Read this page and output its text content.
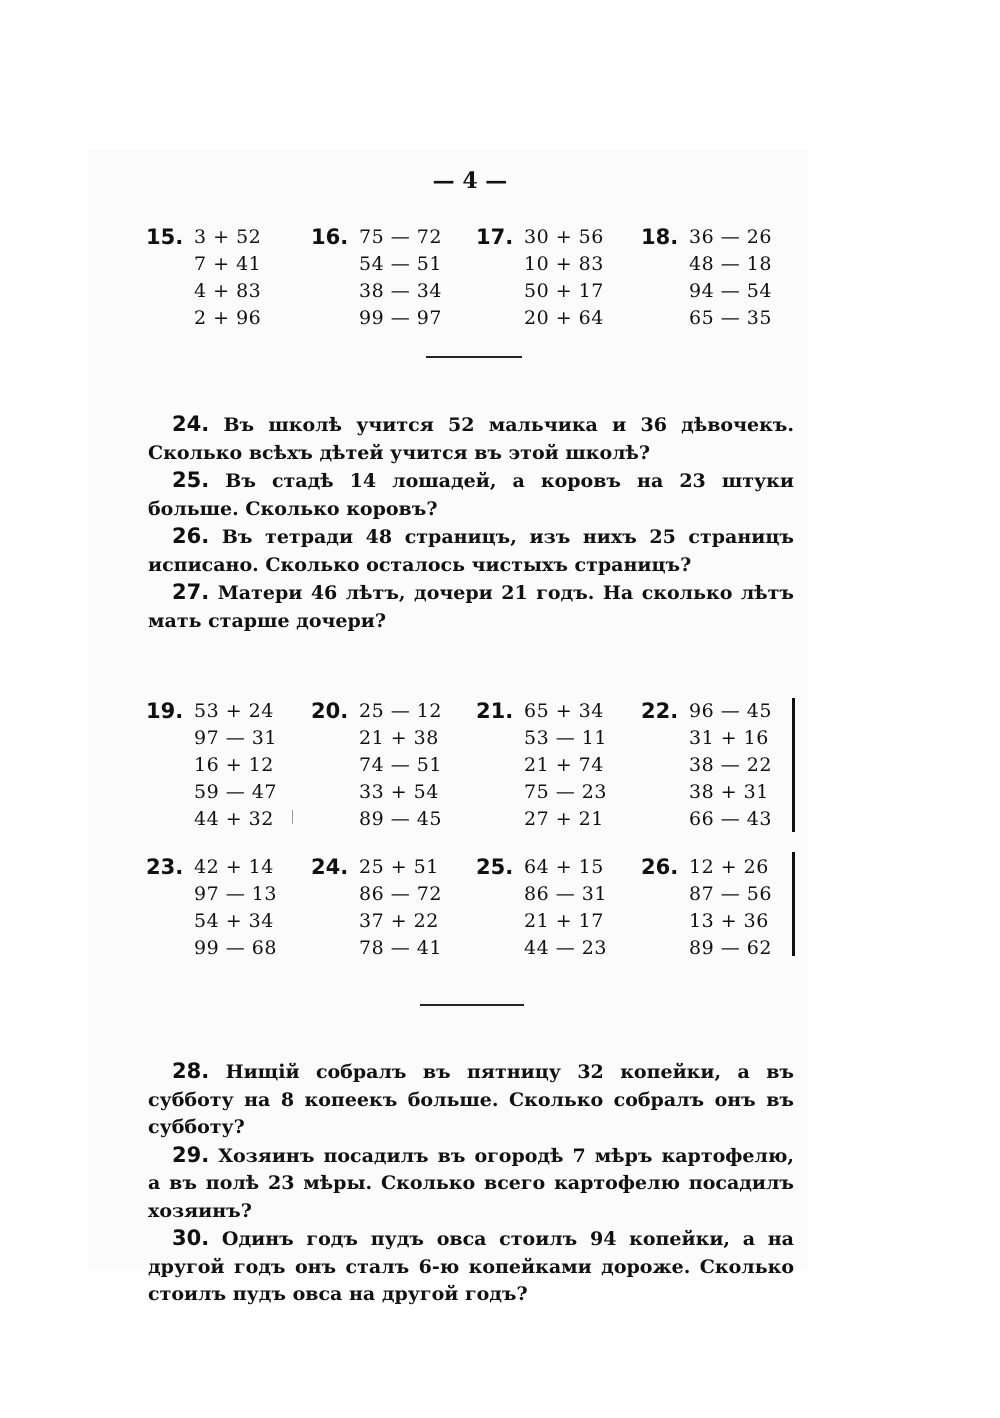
— 4 —
15. 3 + 52
7 + 41
4 + 83
2 + 96
16. 75 — 72
54 — 51
38 — 34
99 — 97
17. 30 + 56
10 + 83
50 + 17
20 + 64
18. 36 — 26
48 — 18
94 — 54
65 — 35

24. Въ школѣ учится 52 мальчика и 36 дѣвочекъ. Сколько всѣхъ дѣтей учится въ этой школѣ?

25. Въ стадѣ 14 лошадей, а коровъ на 23 штуки больше. Сколько коровъ?

26. Въ тетради 48 страницъ, изъ нихъ 25 страницъ исписано. Сколько осталось чистыхъ страницъ?

27. Матери 46 лѣтъ, дочери 21 годъ. На сколько лѣтъ мать старше дочери?

19. 53 + 24
97 — 31
16 + 12
59 — 47
44 + 32
20. 25 — 12
21 + 38
74 — 51
33 + 54
89 — 45
21. 65 + 34
53 — 11
21 + 74
75 — 23
27 + 21
22. 96 — 45
31 + 16
38 — 22
38 + 31
66 — 43
23. 42 + 14
97 — 13
54 + 34
99 — 68
24. 25 + 51
86 — 72
37 + 22
78 — 41
25. 64 + 15
86 — 31
21 + 17
44 — 23
26. 12 + 26
87 — 56
13 + 36
89 — 62

28. Нищій собралъ въ пятницу 32 копейки, а въ субботу на 8 копеекъ больше. Сколько собралъ онъ въ субботу?

29. Хозяинъ посадилъ въ огородѣ 7 мѣръ картофелю, а въ полѣ 23 мѣры. Сколько всего картофелю посадилъ хозяинъ?

30. Одинъ годъ пудъ овса стоилъ 94 копейки, а на другой годъ онъ сталъ 6-ю копейками дороже. Сколько стоилъ пудъ овса на другой годъ?
